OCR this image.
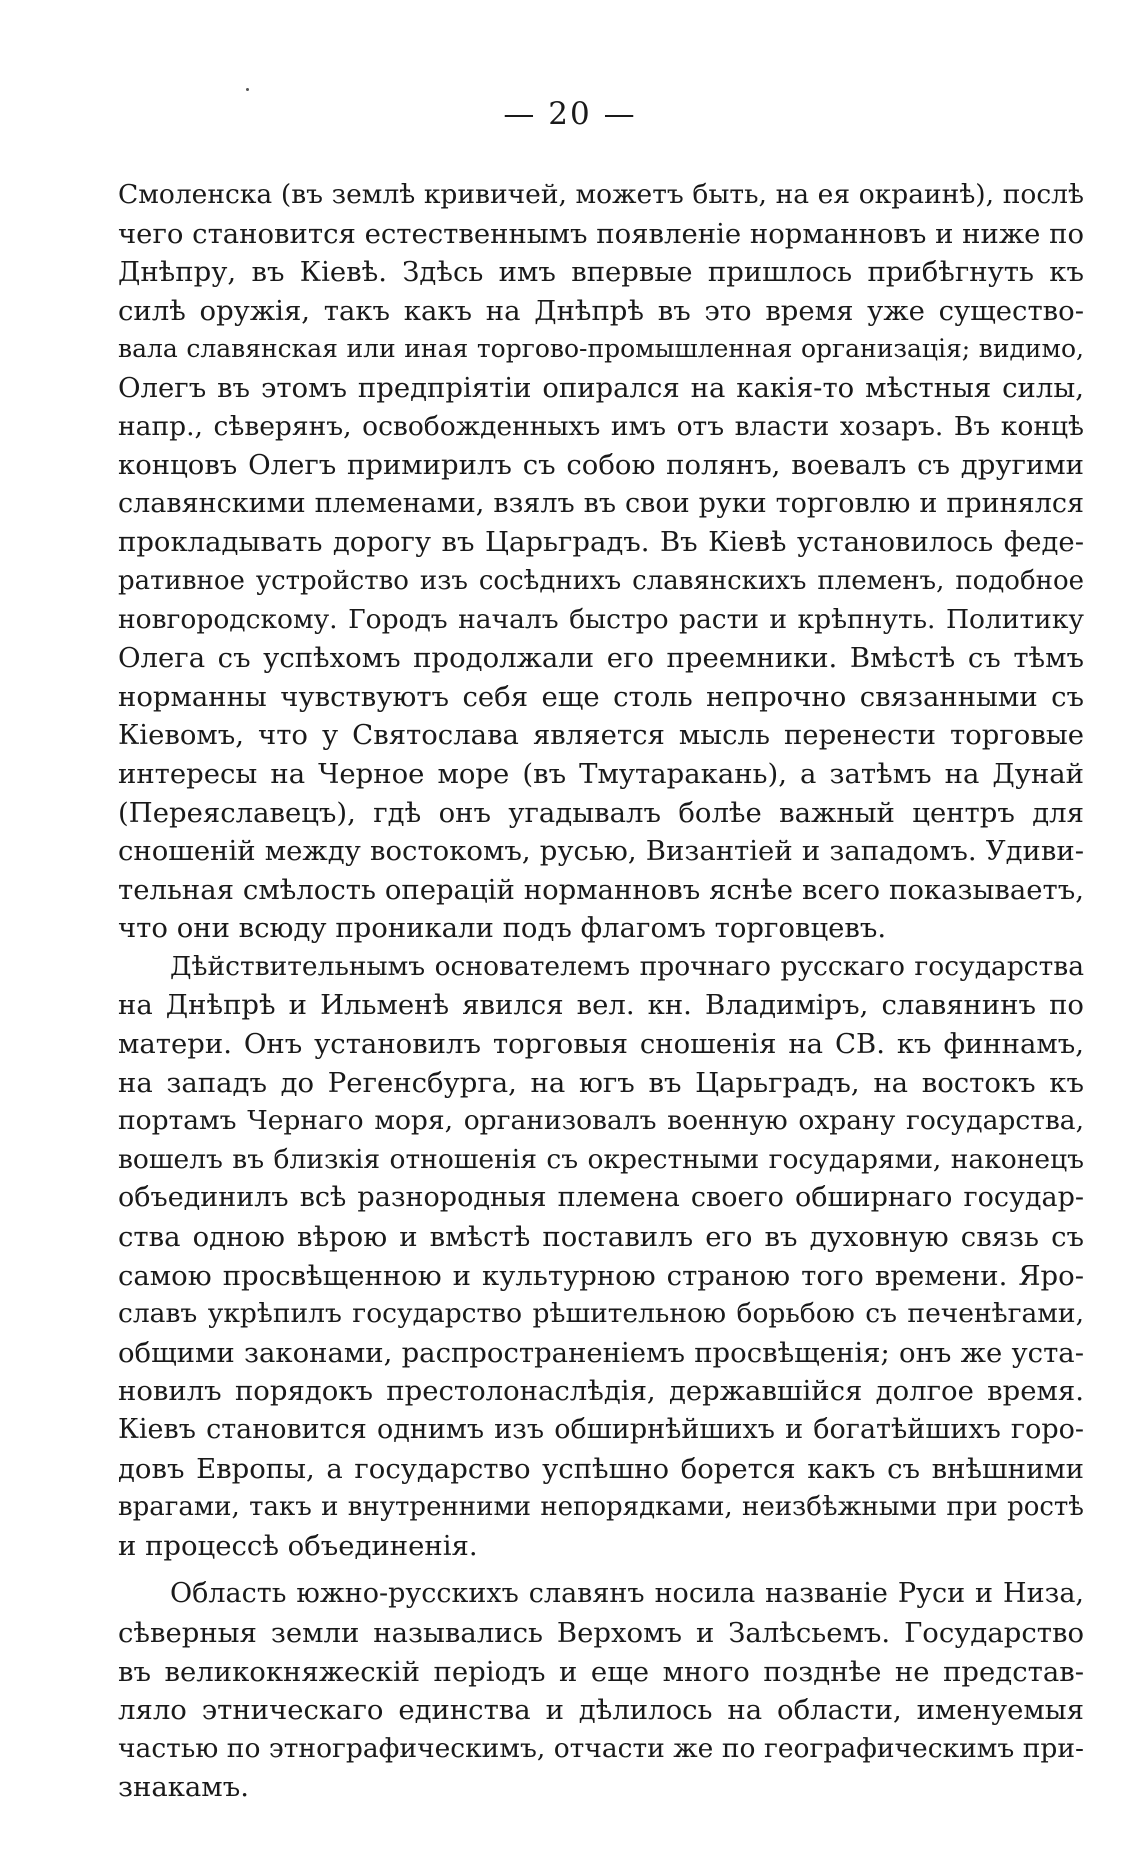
— 20 —
Смоленска (въ землѣ кривичей, можетъ быть, на ея окраинѣ), послѣ
чего становится естественнымъ появленіе норманновъ и ниже по
Днѣпру, въ Кіевѣ. Здѣсь имъ впервые пришлось прибѣгнуть къ
силѣ оружія, такъ какъ на Днѣпрѣ въ это время уже существо-
вала славянская или иная торгово-промышленная организація; видимо,
Олегъ въ этомъ предпріятіи опирался на какія-то мѣстныя силы,
напр., сѣверянъ, освобожденныхъ имъ отъ власти хозаръ. Въ концѣ
концовъ Олегъ примирилъ съ собою полянъ, воевалъ съ другими
славянскими племенами, взялъ въ свои руки торговлю и принялся
прокладывать дорогу въ Царьградъ. Въ Кіевѣ установилось феде-
ративное устройство изъ сосѣднихъ славянскихъ племенъ, подобное
новгородскому. Городъ началъ быстро расти и крѣпнуть. Политику
Олега съ успѣхомъ продолжали его преемники. Вмѣстѣ съ тѣмъ
норманны чувствуютъ себя еще столь непрочно связанными съ
Кіевомъ, что у Святослава является мысль перенести торговые
интересы на Черное море (въ Тмутаракань), а затѣмъ на Дунай
(Переяславецъ), гдѣ онъ угадывалъ болѣе важный центръ для
сношеній между востокомъ, русью, Византіей и западомъ. Удиви-
тельная смѣлость операцій норманновъ яснѣе всего показываетъ,
что они всюду проникали подъ флагомъ торговцевъ.
Дѣйствительнымъ основателемъ прочнаго русскаго государства
на Днѣпрѣ и Ильменѣ явился вел. кн. Владиміръ, славянинъ по
матери. Онъ установилъ торговыя сношенія на СВ. къ финнамъ,
на западъ до Регенсбурга, на югъ въ Царьградъ, на востокъ къ
портамъ Чернаго моря, организовалъ военную охрану государства,
вошелъ въ близкія отношенія съ окрестными государями, наконецъ
объединилъ всѣ разнородныя племена своего обширнаго государ-
ства одною вѣрою и вмѣстѣ поставилъ его въ духовную связь съ
самою просвѣщенною и культурною страною того времени. Яро-
славъ укрѣпилъ государство рѣшительною борьбою съ печенѣгами,
общими законами, распространеніемъ просвѣщенія; онъ же уста-
новилъ порядокъ престолонаслѣдія, державшійся долгое время.
Кіевъ становится однимъ изъ обширнѣйшихъ и богатѣйшихъ горо-
довъ Европы, а государство успѣшно борется какъ съ внѣшними
врагами, такъ и внутренними непорядками, неизбѣжными при ростѣ
и процессѣ объединенія.
Область южно-русскихъ славянъ носила названіе Руси и Низа,
сѣверныя земли назывались Верхомъ и Залѣсьемъ. Государство
въ великокняжескій періодъ и еще много позднѣе не представ-
ляло этническаго единства и дѣлилось на области, именуемыя
частью по этнографическимъ, отчасти же по географическимъ при-
знакамъ.
